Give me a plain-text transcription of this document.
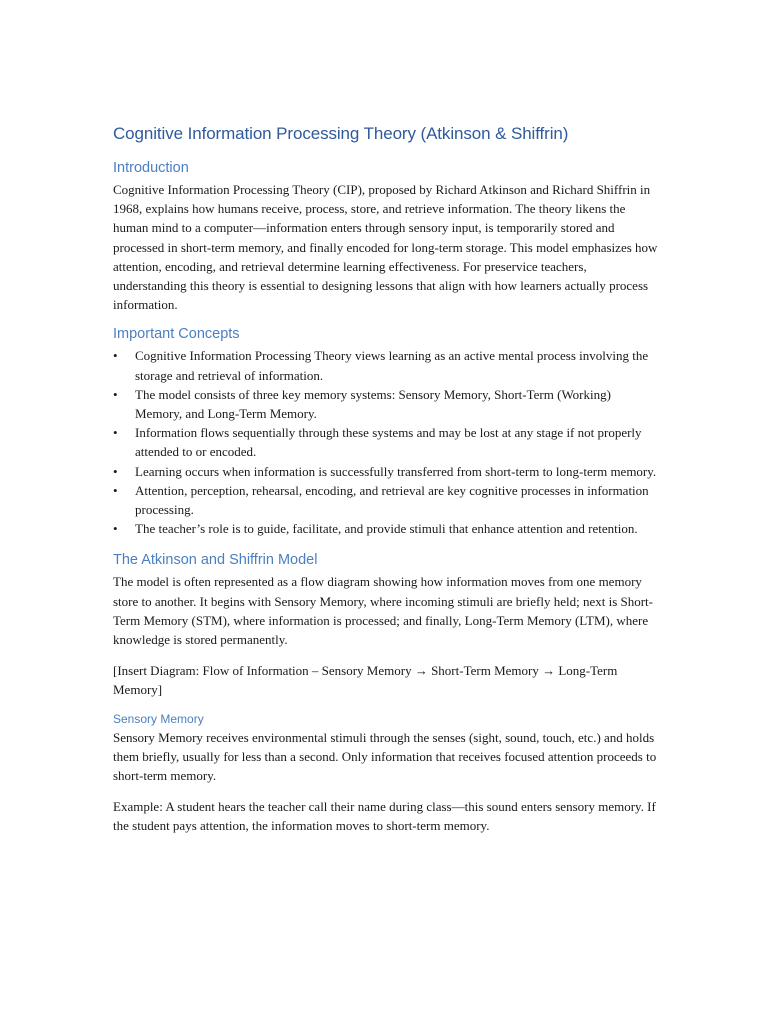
Cognitive Information Processing Theory (Atkinson & Shiffrin)
Introduction

Cognitive Information Processing Theory (CIP), proposed by Richard Atkinson and Richard Shiffrin in 1968, explains how humans receive, process, store, and retrieve information. The theory likens the human mind to a computer—information enters through sensory input, is temporarily stored and processed in short-term memory, and finally encoded for long-term storage. This model emphasizes how attention, encoding, and retrieval determine learning effectiveness. For preservice teachers, understanding this theory is essential to designing lessons that align with how learners actually process information.

Important Concepts
• Cognitive Information Processing Theory views learning as an active mental process involving the storage and retrieval of information.
• The model consists of three key memory systems: Sensory Memory, Short-Term (Working) Memory, and Long-Term Memory.
• Information flows sequentially through these systems and may be lost at any stage if not properly attended to or encoded.
• Learning occurs when information is successfully transferred from short-term to long-term memory.
• Attention, perception, rehearsal, encoding, and retrieval are key cognitive processes in information processing.
• The teacher’s role is to guide, facilitate, and provide stimuli that enhance attention and retention.
The Atkinson and Shiffrin Model

The model is often represented as a flow diagram showing how information moves from one memory store to another. It begins with Sensory Memory, where incoming stimuli are briefly held; next is Short-Term Memory (STM), where information is processed; and finally, Long-Term Memory (LTM), where knowledge is stored permanently.

[Insert Diagram: Flow of Information – Sensory Memory → Short-Term Memory → Long-Term Memory]

Sensory Memory

Sensory Memory receives environmental stimuli through the senses (sight, sound, touch, etc.) and holds them briefly, usually for less than a second. Only information that receives focused attention proceeds to short-term memory.

Example: A student hears the teacher call their name during class—this sound enters sensory memory. If the student pays attention, the information moves to short-term memory.
